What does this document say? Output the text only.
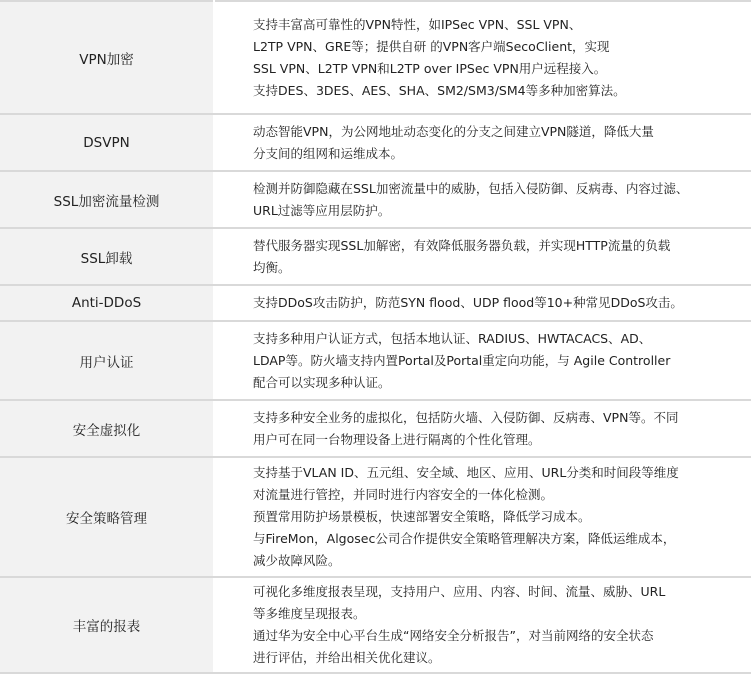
VPN加密	支持丰富高可靠性的VPN特性，如IPSec VPN、SSL VPN、
L2TP VPN、GRE等；提供自研 的VPN客户端SecoClient，实现
SSL VPN、L2TP VPN和L2TP over IPSec VPN用户远程接入。
支持DES、3DES、AES、SHA、SM2/SM3/SM4等多种加密算法。

DSVPN	动态智能VPN，为公网地址动态变化的分支之间建立VPN隧道，降低大量
分支间的组网和运维成本。

SSL加密流量检测	检测并防御隐藏在SSL加密流量中的威胁，包括入侵防御、反病毒、内容过滤、
URL过滤等应用层防护。

SSL卸载	替代服务器实现SSL加解密，有效降低服务器负载，并实现HTTP流量的负载
均衡。

Anti-DDoS	支持DDoS攻击防护，防范SYN flood、UDP flood等10+种常见DDoS攻击。

用户认证	支持多种用户认证方式，包括本地认证、RADIUS、HWTACACS、AD、
LDAP等。防火墙支持内置Portal及Portal重定向功能，与 Agile Controller
配合可以实现多种认证。

安全虚拟化	支持多种安全业务的虚拟化，包括防火墙、入侵防御、反病毒、VPN等。不同
用户可在同一台物理设备上进行隔离的个性化管理。

安全策略管理	支持基于VLAN ID、五元组、安全域、地区、应用、URL分类和时间段等维度
对流量进行管控，并同时进行内容安全的一体化检测。
预置常用防护场景模板，快速部署安全策略，降低学习成本。
与FireMon，Algosec公司合作提供安全策略管理解决方案，降低运维成本，
减少故障风险。

丰富的报表	可视化多维度报表呈现，支持用户、应用、内容、时间、流量、威胁、URL
等多维度呈现报表。
通过华为安全中心平台生成“网络安全分析报告”，对当前网络的安全状态
进行评估，并给出相关优化建议。
